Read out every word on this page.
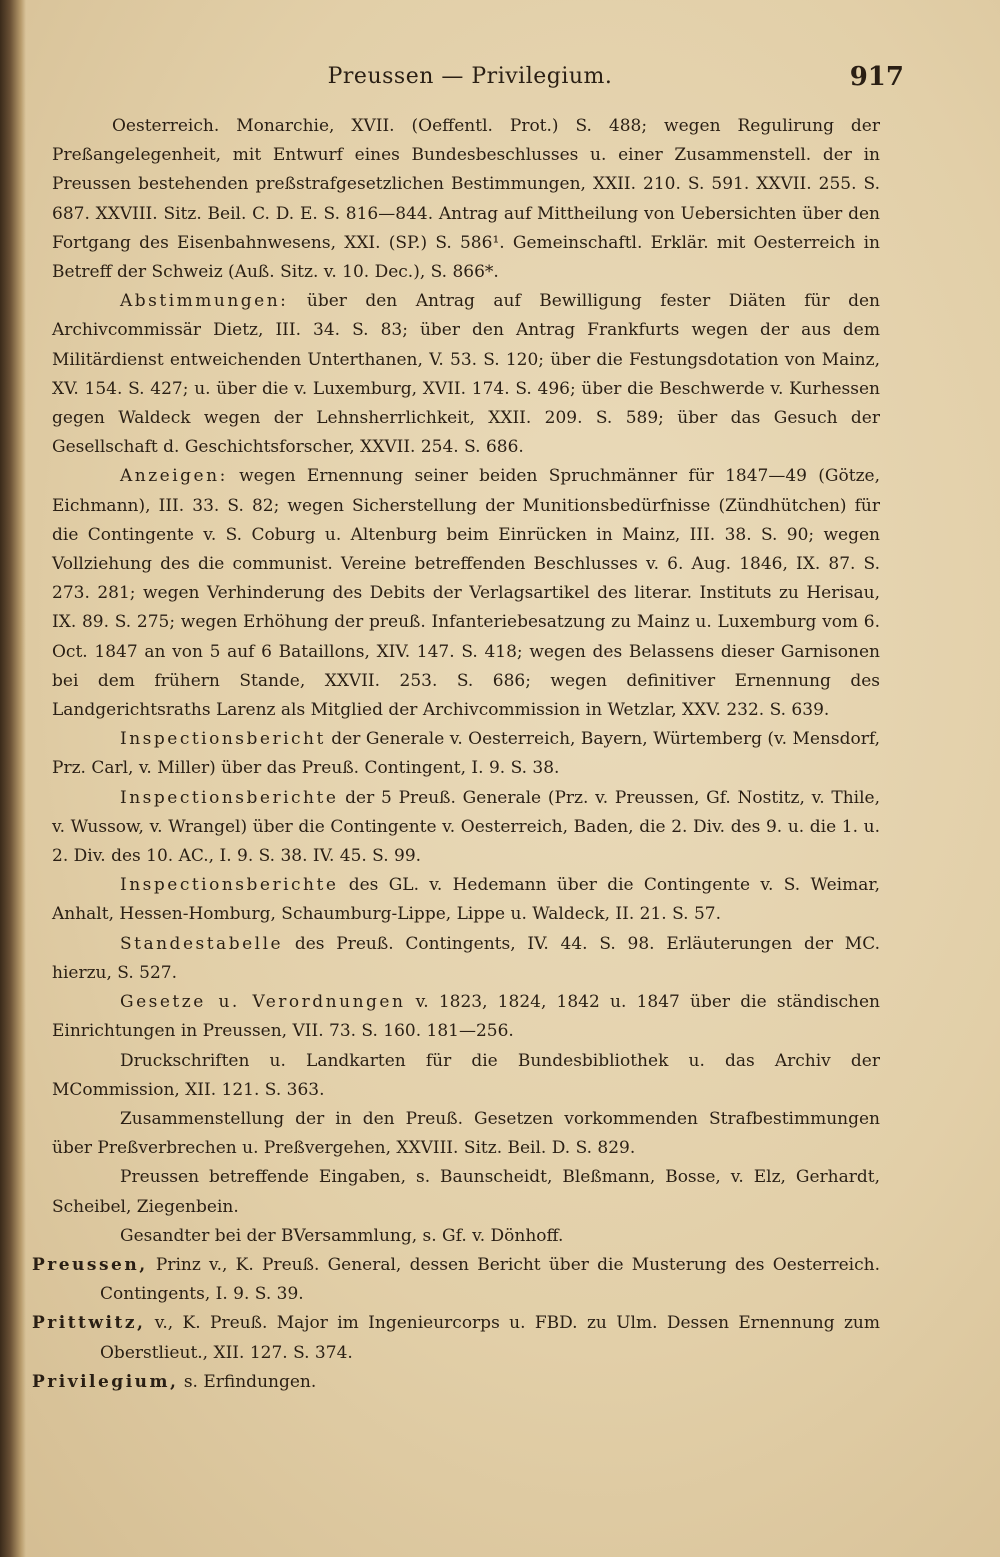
Preussen — Privilegium.	917

Oesterreich. Monarchie, XVII. (Oeffentl. Prot.) S. 488; wegen Regulirung der Preßangelegenheit, mit Entwurf eines Bundesbeschlusses u. einer Zusammenstell. der in Preussen bestehenden preßstrafgesetzlichen Bestimmungen, XXII. 210. S. 591. XXVII. 255. S. 687. XXVIII. Sitz. Beil. C. D. E. S. 816—844. Antrag auf Mittheilung von Uebersichten über den Fortgang des Eisenbahnwesens, XXI. (SP.) S. 586¹. Gemeinschaftl. Erklär. mit Oesterreich in Betreff der Schweiz (Auß. Sitz. v. 10. Dec.), S. 866*.

Abstimmungen: über den Antrag auf Bewilligung fester Diäten für den Archivcommissär Dietz, III. 34. S. 83; über den Antrag Frankfurts wegen der aus dem Militärdienst entweichenden Unterthanen, V. 53. S. 120; über die Festungsdotation von Mainz, XV. 154. S. 427; u. über die v. Luxemburg, XVII. 174. S. 496; über die Beschwerde v. Kurhessen gegen Waldeck wegen der Lehnsherrlichkeit, XXII. 209. S. 589; über das Gesuch der Gesellschaft d. Geschichtsforscher, XXVII. 254. S. 686.

Anzeigen: wegen Ernennung seiner beiden Spruchmänner für 1847—49 (Götze, Eichmann), III. 33. S. 82; wegen Sicherstellung der Munitionsbedürfnisse (Zündhütchen) für die Contingente v. S. Coburg u. Altenburg beim Einrücken in Mainz, III. 38. S. 90; wegen Vollziehung des die communist. Vereine betreffenden Beschlusses v. 6. Aug. 1846, IX. 87. S. 273. 281; wegen Verhinderung des Debits der Verlagsartikel des literar. Instituts zu Herisau, IX. 89. S. 275; wegen Erhöhung der preuß. Infanteriebesatzung zu Mainz u. Luxemburg vom 6. Oct. 1847 an von 5 auf 6 Bataillons, XIV. 147. S. 418; wegen des Belassens dieser Garnisonen bei dem frühern Stande, XXVII. 253. S. 686; wegen definitiver Ernennung des Landgerichtsraths Larenz als Mitglied der Archivcommission in Wetzlar, XXV. 232. S. 639.

Inspectionsbericht der Generale v. Oesterreich, Bayern, Würtemberg (v. Mensdorf, Prz. Carl, v. Miller) über das Preuß. Contingent, I. 9. S. 38.

Inspectionsberichte der 5 Preuß. Generale (Prz. v. Preussen, Gf. Nostitz, v. Thile, v. Wussow, v. Wrangel) über die Contingente v. Oesterreich, Baden, die 2. Div. des 9. u. die 1. u. 2. Div. des 10. AC., I. 9. S. 38. IV. 45. S. 99.

Inspectionsberichte des GL. v. Hedemann über die Contingente v. S. Weimar, Anhalt, Hessen-Homburg, Schaumburg-Lippe, Lippe u. Waldeck, II. 21. S. 57.

Standestabelle des Preuß. Contingents, IV. 44. S. 98. Erläuterungen der MC. hierzu, S. 527.

Gesetze u. Verordnungen v. 1823, 1824, 1842 u. 1847 über die ständischen Einrichtungen in Preussen, VII. 73. S. 160. 181—256.

Druckschriften u. Landkarten für die Bundesbibliothek u. das Archiv der MCommission, XII. 121. S. 363.

Zusammenstellung der in den Preuß. Gesetzen vorkommenden Strafbestimmungen über Preßverbrechen u. Preßvergehen, XXVIII. Sitz. Beil. D. S. 829.

Preussen betreffende Eingaben, s. Baunscheidt, Bleßmann, Bosse, v. Elz, Gerhardt, Scheibel, Ziegenbein.

Gesandter bei der BVersammlung, s. Gf. v. Dönhoff.

Preussen, Prinz v., K. Preuß. General, dessen Bericht über die Musterung des Oesterreich. Contingents, I. 9. S. 39.

Prittwitz, v., K. Preuß. Major im Ingenieurcorps u. FBD. zu Ulm. Dessen Ernennung zum Oberstlieut., XII. 127. S. 374.

Privilegium, s. Erfindungen.
